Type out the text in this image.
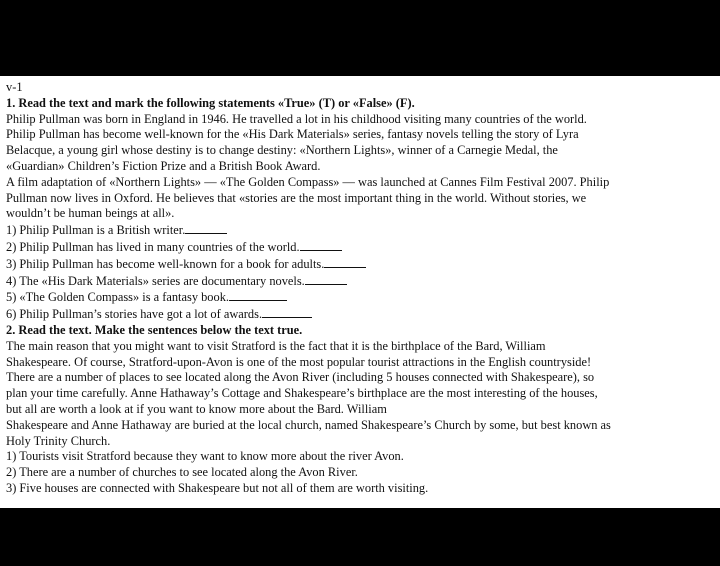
v-1
1. Read the text and mark the following statements «True» (T) or «False» (F).
Philip Pullman was born in England in 1946. He travelled a lot in his childhood visiting many countries of the world.
Philip Pullman has become well-known for the «His Dark Materials» series, fantasy novels telling the story of Lyra
Belacque, a young girl whose destiny is to change destiny: «Northern Lights», winner of a Carnegie Medal, the
«Guardian» Children’s Fiction Prize and a British Book Award.
A film adaptation of «Northern Lights» — «The Golden Compass» — was launched at Cannes Film Festival 2007. Philip
Pullman now lives in Oxford. He believes that «stories are the most important thing in the world. Without stories, we
wouldn’t be human beings at all».
1) Philip Pullman is a British writer.
2) Philip Pullman has lived in many countries of the world.
3) Philip Pullman has become well-known for a book for adults.
4) The «His Dark Materials» series are documentary novels.
5) «The Golden Compass» is a fantasy book.
6) Philip Pullman’s stories have got a lot of awards.
2. Read the text. Make the sentences below the text true.
The main reason that you might want to visit Stratford is the fact that it is the birthplace of the Bard, William
Shakespeare. Of course, Stratford-upon-Avon is one of the most popular tourist attractions in the English countryside!
There are a number of places to see located along the Avon River (including 5 houses connected with Shakespeare), so
plan your time carefully. Anne Hathaway’s Cottage and Shakespeare’s birthplace are the most interesting of the houses,
but all are worth a look at if you want to know more about the Bard. William
Shakespeare and Anne Hathaway are buried at the local church, named Shakespeare’s Church by some, but best known as
Holy Trinity Church.
1) Tourists visit Stratford because they want to know more about the river Avon.
2) There are a number of churches to see located along the Avon River.
3) Five houses are connected with Shakespeare but not all of them are worth visiting.
